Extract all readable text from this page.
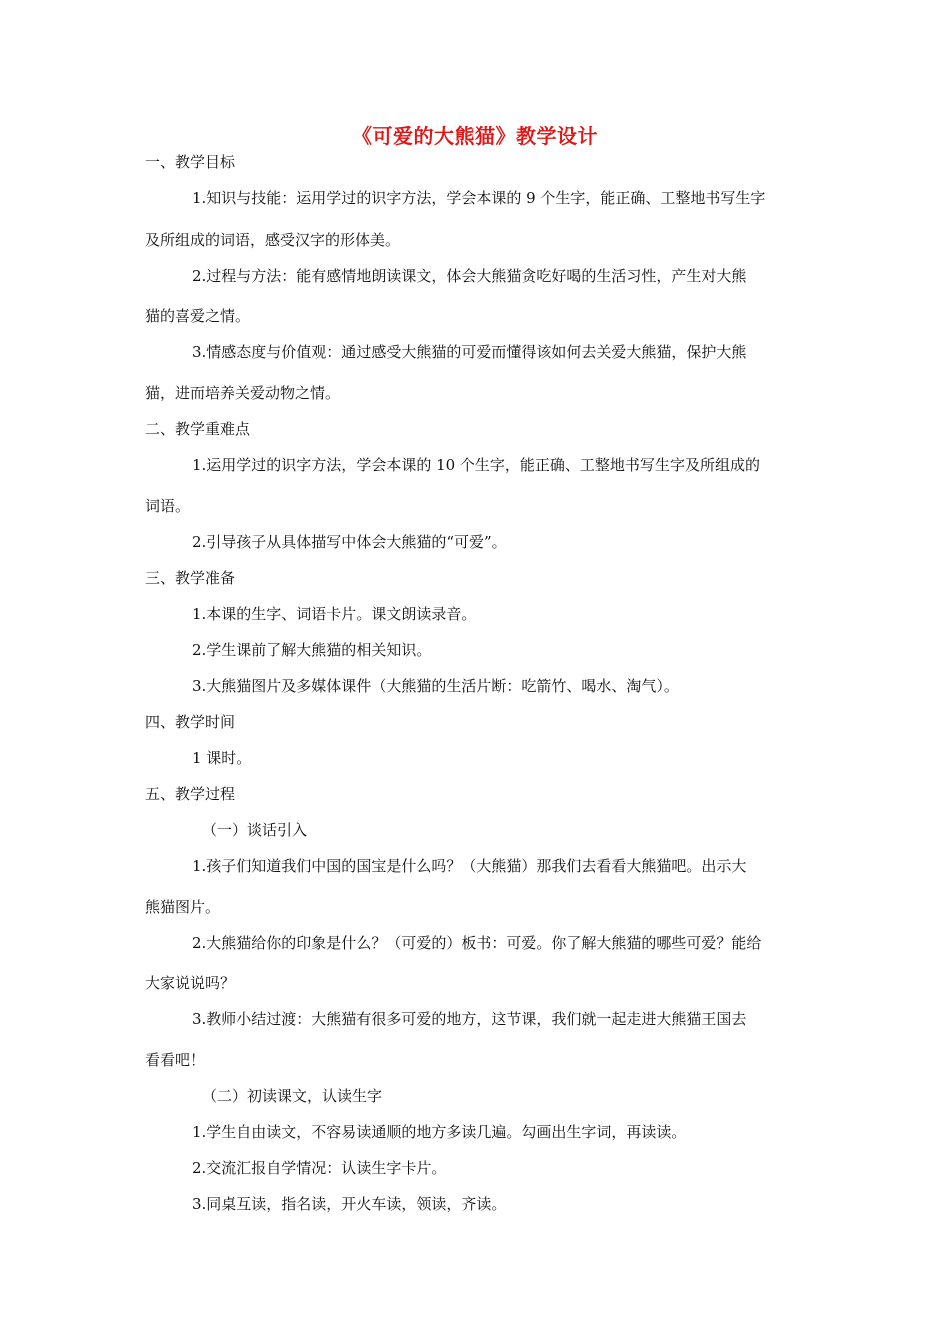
《可爱的大熊猫》教学设计
一、教学目标
1.知识与技能：运用学过的识字方法，学会本课的 9 个生字，能正确、工整地书写生字
及所组成的词语，感受汉字的形体美。
2.过程与方法：能有感情地朗读课文，体会大熊猫贪吃好喝的生活习性，产生对大熊
猫的喜爱之情。
3.情感态度与价值观：通过感受大熊猫的可爱而懂得该如何去关爱大熊猫，保护大熊
猫，进而培养关爱动物之情。
二、教学重难点
1.运用学过的识字方法，学会本课的 10 个生字，能正确、工整地书写生字及所组成的
词语。
2.引导孩子从具体描写中体会大熊猫的“可爱”。
三、教学准备
1.本课的生字、词语卡片。课文朗读录音。
2.学生课前了解大熊猫的相关知识。
3.大熊猫图片及多媒体课件（大熊猫的生活片断：吃箭竹、喝水、淘气）。
四、教学时间
1 课时。
五、教学过程
（一）谈话引入
1.孩子们知道我们中国的国宝是什么吗？（大熊猫）那我们去看看大熊猫吧。出示大
熊猫图片。
2.大熊猫给你的印象是什么？（可爱的）板书：可爱。你了解大熊猫的哪些可爱？能给
大家说说吗？
3.教师小结过渡：大熊猫有很多可爱的地方，这节课，我们就一起走进大熊猫王国去
看看吧！
（二）初读课文，认读生字
1.学生自由读文，不容易读通顺的地方多读几遍。勾画出生字词，再读读。
2.交流汇报自学情况：认读生字卡片。
3.同桌互读，指名读，开火车读，领读，齐读。
